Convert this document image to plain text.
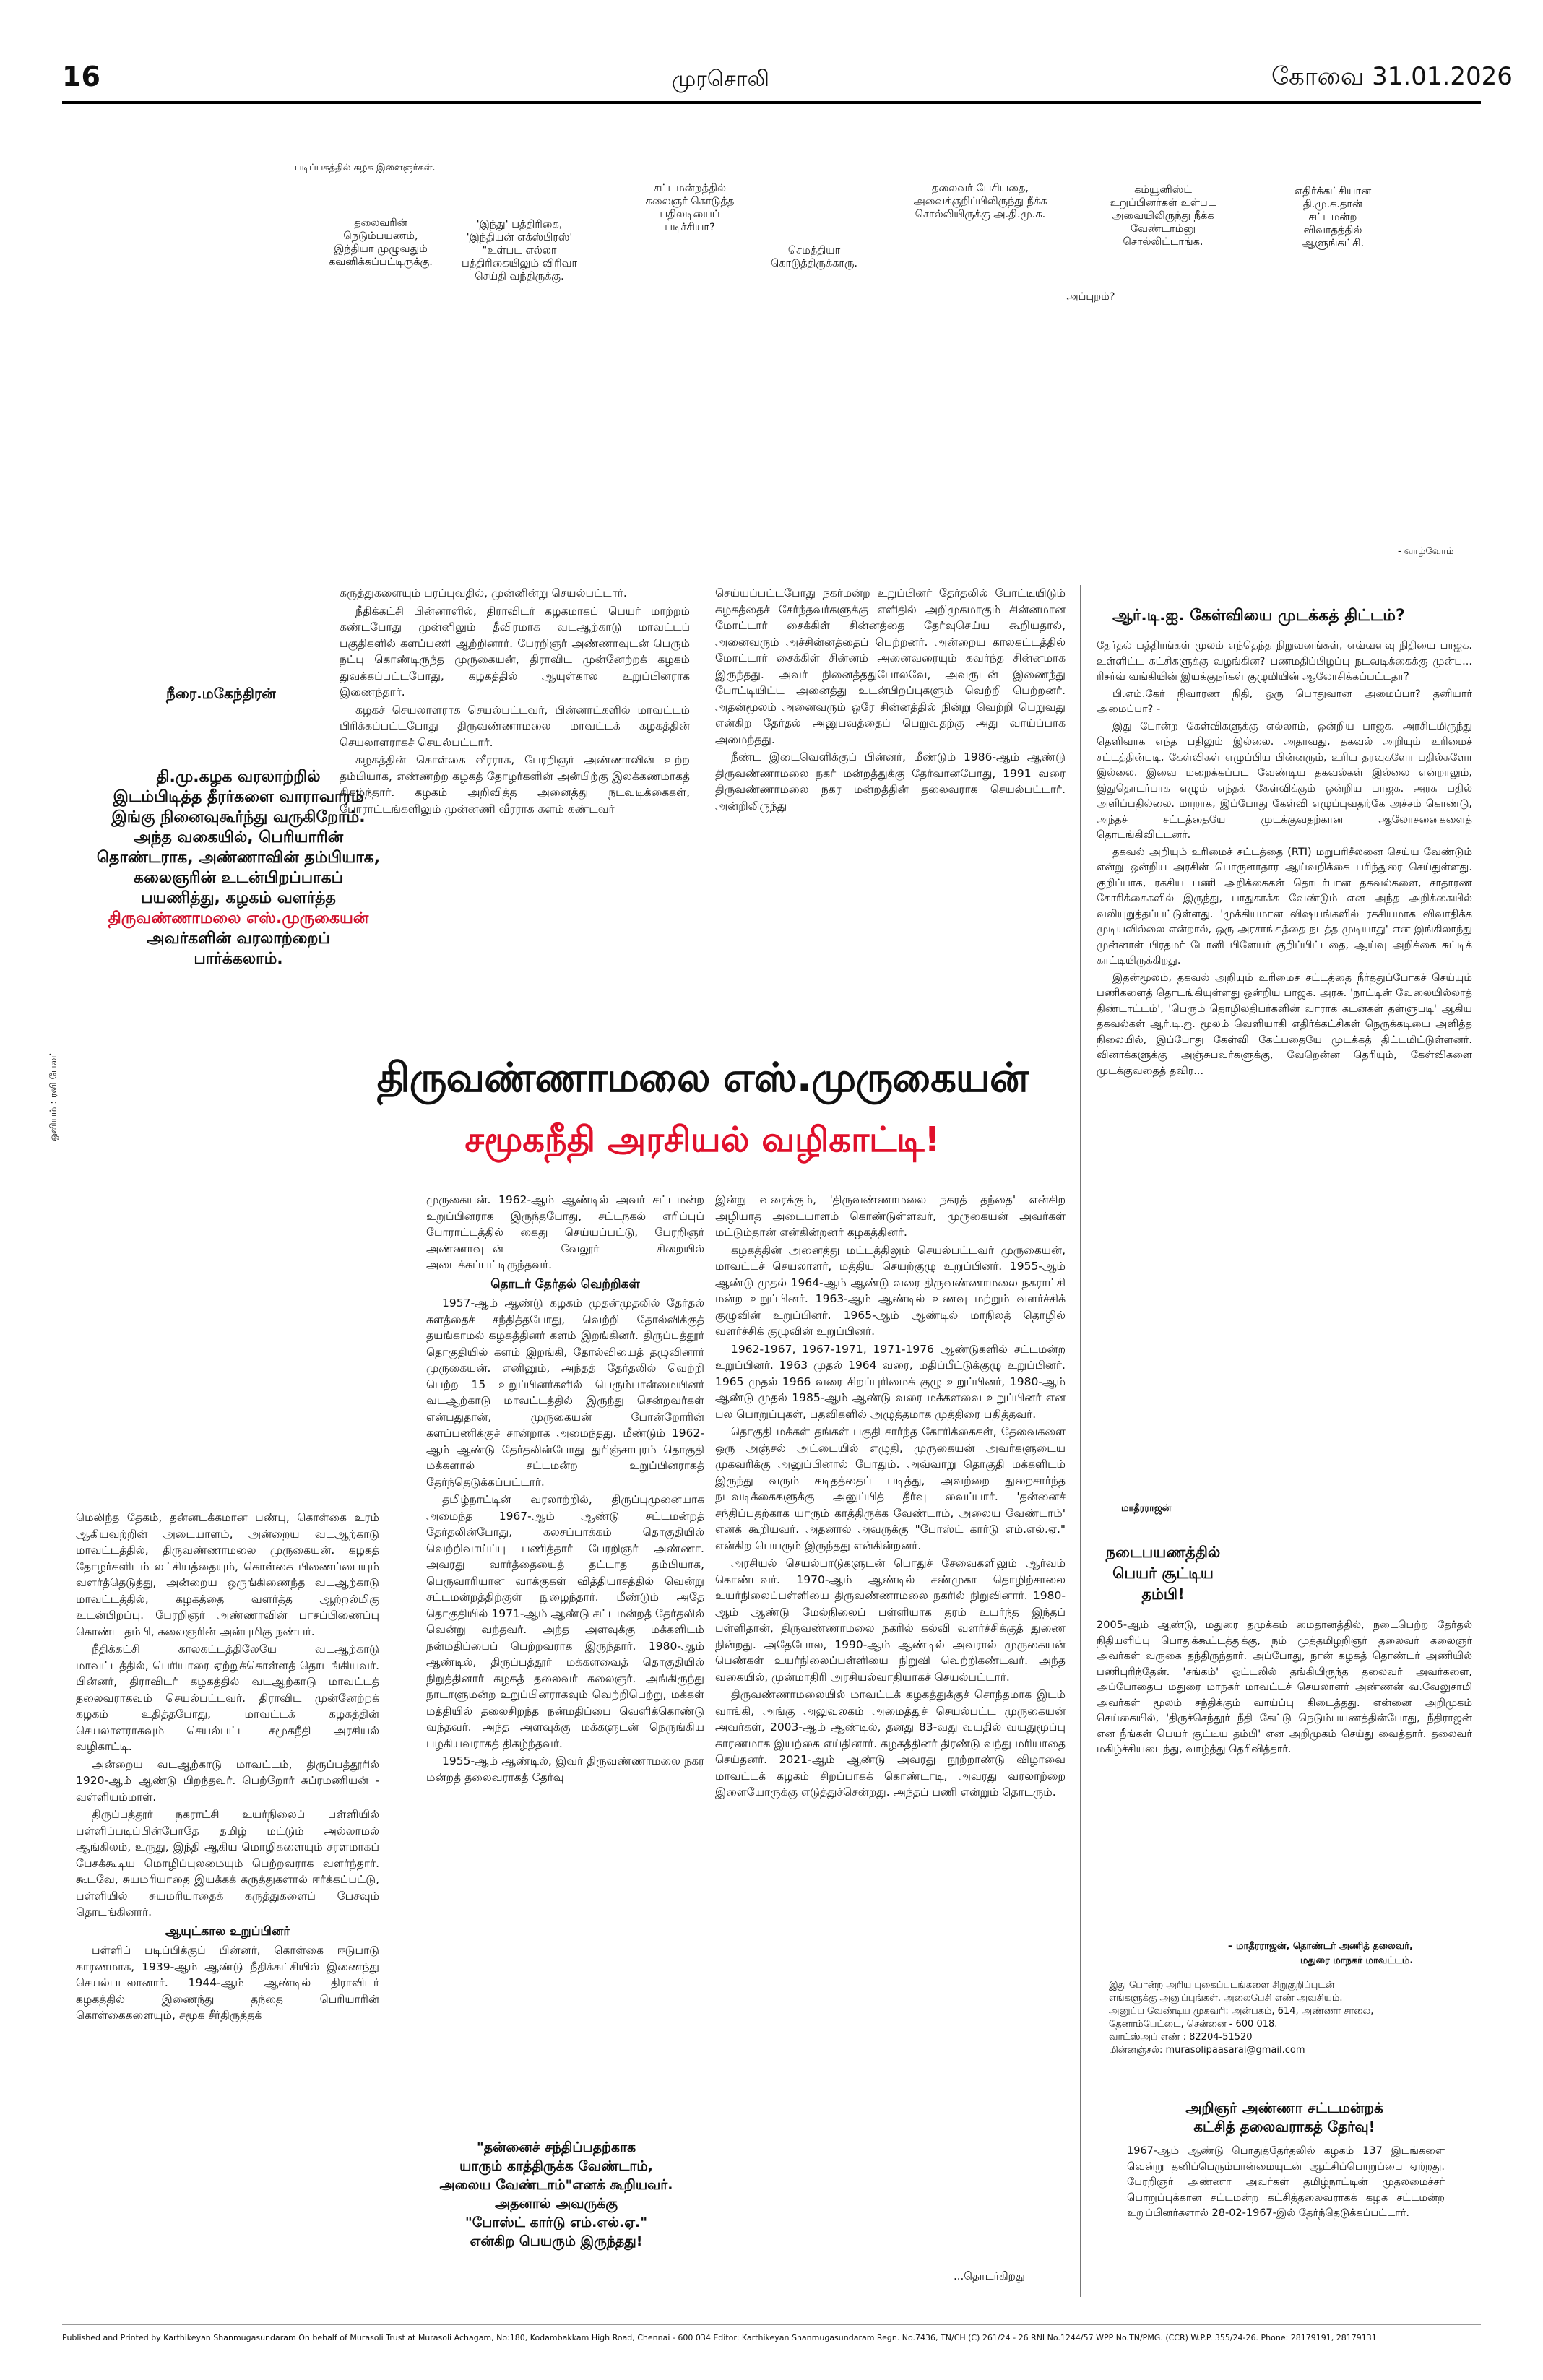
16	முரசொலி	கோவை 31.01.2026
படிப்பகத்தில் கழக இளைஞர்கள்.
தலைவரின் நெடும்பயணம், இந்தியா முழுவதும் கவனிக்கப்பட்டிருக்கு.
'இந்து' பத்திரிகை, 'இந்தியன் எக்ஸ்பிரஸ்' "உள்பட எல்லா பத்திரிகையிலும் விரிவா செய்தி வந்திருக்கு.
சட்டமன்றத்தில் கலைஞர் கொடுத்த பதிலடியைப் படிச்சியா?
செமத்தியா கொடுத்திருக்காரு.
தலைவர் பேசியதை, அவைக்குறிப்பிலிருந்து நீக்க சொல்லியிருக்கு அ.தி.மு.க.
அப்புறம்?
கம்யூனிஸ்ட் உறுப்பினர்கள் உள்பட அவையிலிருந்து நீக்க வேண்டாம்னு சொல்லிட்டாங்க.
எதிர்க்கட்சியான தி.மு.க.தான் சட்டமன்ற விவாதத்தில் ஆளுங்கட்சி.
- வாழ்வோம்
நீரை.மகேந்திரன்
தி.மு.கழக வரலாற்றில்
இடம்பிடித்த தீரர்களை வாராவாரம்
இங்கு நினைவுகூர்ந்து வருகிறோம்.
அந்த வகையில், பெரியாரின்
தொண்டராக, அண்ணாவின் தம்பியாக,
கலைஞரின் உடன்பிறப்பாகப்
பயணித்து, கழகம் வளர்த்த
திருவண்ணாமலை எஸ்.முருகையன்
அவர்களின் வரலாற்றைப்
பார்க்கலாம்.
ஓவியம் : ரவி பேலட்

கருத்துகளையும் பரப்புவதில், முன்னின்று செயல்பட்டார்.

நீதிக்கட்சி பின்னாளில், திராவிடர் கழகமாகப் பெயர் மாற்றம் கண்டபோது முன்னிலும் தீவிரமாக வடஆற்காடு மாவட்டப் பகுதிகளில் களப்பணி ஆற்றினார். பேரறிஞர் அண்ணாவுடன் பெரும் நட்பு கொண்டிருந்த முருகையன், திராவிட முன்னேற்றக் கழகம் துவக்கப்பட்டபோது, கழகத்தில் ஆயுள்கால உறுப்பினராக இணைந்தார்.

கழகச் செயலாளராக செயல்பட்டவர், பின்னாட்களில் மாவட்டம் பிரிக்கப்பட்டபோது திருவண்ணாமலை மாவட்டக் கழகத்தின் செயலாளராகச் செயல்பட்டார்.

கழகத்தின் கொள்கை வீரராக, பேரறிஞர் அண்ணாவின் உற்ற தம்பியாக, எண்ணற்ற கழகத் தோழர்களின் அன்பிற்கு இலக்கணமாகத் திகழ்ந்தார். கழகம் அறிவித்த அனைத்து நடவடிக்கைகள், போராட்டங்களிலும் முன்னணி வீரராக களம் கண்டவர்

செய்யப்பட்டபோது நகர்மன்ற உறுப்பினர் தேர்தலில் போட்டியிடும் கழகத்தைச் சேர்ந்தவர்களுக்கு எளிதில் அறிமுகமாகும் சின்னமான மோட்டார் சைக்கிள் சின்னத்தை தேர்வுசெய்ய கூறியதால், அனைவரும் அச்சின்னத்தைப் பெற்றனர். அன்றைய காலகட்டத்தில் மோட்டார் சைக்கிள் சின்னம் அனைவரையும் கவர்ந்த சின்னமாக இருந்தது. அவர் நினைத்ததுபோலவே, அவருடன் இணைந்து போட்டியிட்ட அனைத்து உடன்பிறப்புகளும் வெற்றி பெற்றனர். அதன்மூலம் அனைவரும் ஒரே சின்னத்தில் நின்று வெற்றி பெறுவது என்கிற தேர்தல் அனுபவத்தைப் பெறுவதற்கு அது வாய்ப்பாக அமைந்தது.

நீண்ட இடைவெளிக்குப் பின்னர், மீண்டும் 1986-ஆம் ஆண்டு திருவண்ணாமலை நகர் மன்றத்துக்கு தேர்வானபோது, 1991 வரை திருவண்ணாமலை நகர மன்றத்தின் தலைவராக செயல்பட்டார். அன்றிலிருந்து

திருவண்ணாமலை எஸ்.முருகையன்
சமூகநீதி அரசியல் வழிகாட்டி!

மெலிந்த தேகம், தன்னடக்கமான பண்பு, கொள்கை உரம் ஆகியவற்றின் அடையாளம், அன்றைய வடஆற்காடு மாவட்டத்தில், திருவண்ணாமலை முருகையன். கழகத் தோழர்களிடம் லட்சியத்தையும், கொள்கை பிணைப்பையும் வளர்த்தெடுத்து, அன்றைய ஒருங்கிணைந்த வடஆற்காடு மாவட்டத்தில், கழகத்தை வளர்த்த ஆற்றல்மிகு உடன்பிறப்பு. பேரறிஞர் அண்ணாவின் பாசப்பிணைப்பு கொண்ட தம்பி, கலைஞரின் அன்புமிகு நண்பர்.

நீதிக்கட்சி காலகட்டத்திலேயே வடஆற்காடு மாவட்டத்தில், பெரியாரை ஏற்றுக்கொள்ளத் தொடங்கியவர். பின்னர், திராவிடர் கழகத்தில் வடஆற்காடு மாவட்டத் தலைவராகவும் செயல்பட்டவர். திராவிட முன்னேற்றக் கழகம் உதித்தபோது, மாவட்டக் கழகத்தின் செயலாளராகவும் செயல்பட்ட சமூகநீதி அரசியல் வழிகாட்டி.

அன்றைய வடஆற்காடு மாவட்டம், திருப்பத்தூரில் 1920-ஆம் ஆண்டு பிறந்தவர். பெற்றோர் சுப்ரமணியன் - வள்ளியம்மாள்.

திருப்பத்தூர் நகராட்சி உயர்நிலைப் பள்ளியில் பள்ளிப்படிப்பின்போதே தமிழ் மட்டும் அல்லாமல் ஆங்கிலம், உருது, இந்தி ஆகிய மொழிகளையும் சரளமாகப் பேசக்கூடிய மொழிப்புலமையும் பெற்றவராக வளர்ந்தார். கூடவே, சுயமரியாதை இயக்கக் கருத்துகளால் ஈர்க்கப்பட்டு, பள்ளியில் சுயமரியாதைக் கருத்துகளைப் பேசவும் தொடங்கினார்.

ஆயுட்கால உறுப்பினர்

பள்ளிப் படிப்பிக்குப் பின்னர், கொள்கை ஈடுபாடு காரணமாக, 1939-ஆம் ஆண்டு நீதிக்கட்சியில் இணைந்து செயல்படலானார். 1944-ஆம் ஆண்டில் திராவிடர் கழகத்தில் இணைந்து தந்தை பெரியாரின் கொள்கைகளையும், சமூக சீர்திருத்தக்

முருகையன். 1962-ஆம் ஆண்டில் அவர் சட்டமன்ற உறுப்பினராக இருந்தபோது, சட்டநகல் எரிப்புப் போராட்டத்தில் கைது செய்யப்பட்டு, பேரறிஞர் அண்ணாவுடன் வேலூர் சிறையில் அடைக்கப்பட்டிருந்தவர்.

தொடர் தேர்தல் வெற்றிகள்

1957-ஆம் ஆண்டு கழகம் முதன்முதலில் தேர்தல் களத்தைச் சந்தித்தபோது, வெற்றி தோல்விக்குத் தயங்காமல் கழகத்தினர் களம் இறங்கினர். திருப்பத்தூர் தொகுதியில் களம் இறங்கி, தோல்வியைத் தழுவினார் முருகையன். எனினும், அந்தத் தேர்தலில் வெற்றி பெற்ற 15 உறுப்பினர்களில் பெரும்பான்மையினர் வடஆற்காடு மாவட்டத்தில் இருந்து சென்றவர்கள் என்பதுதான், முருகையன் போன்றோரின் களப்பணிக்குச் சான்றாக அமைந்தது. மீண்டும் 1962-ஆம் ஆண்டு தேர்தலின்போது துரிஞ்சாபுரம் தொகுதி மக்களால் சட்டமன்ற உறுப்பினராகத் தேர்ந்தெடுக்கப்பட்டார்.

தமிழ்நாட்டின் வரலாற்றில், திருப்புமுனையாக அமைந்த 1967-ஆம் ஆண்டு சட்டமன்றத் தேர்தலின்போது, கலசப்பாக்கம் தொகுதியில் வெற்றிவாய்ப்பு பணித்தார் பேரறிஞர் அண்ணா. அவரது வார்த்தையைத் தட்டாத தம்பியாக, பெருவாரியான வாக்குகள் வித்தியாசத்தில் வென்று சட்டமன்றத்திற்குள் நுழைந்தார். மீண்டும் அதே தொகுதியில் 1971-ஆம் ஆண்டு சட்டமன்றத் தேர்தலில் வென்று வந்தவர். அந்த அளவுக்கு மக்களிடம் நன்மதிப்பைப் பெற்றவராக இருந்தார். 1980-ஆம் ஆண்டில், திருப்பத்தூர் மக்களவைத் தொகுதியில் நிறுத்தினார் கழகத் தலைவர் கலைஞர். அங்கிருந்து நாடாளுமன்ற உறுப்பினராகவும் வெற்றிபெற்று, மக்கள் மத்தியில் தலைசிறந்த நன்மதிப்பை வெளிக்கொண்டு வந்தவர். அந்த அளவுக்கு மக்களுடன் நெருங்கிய பழகியவராகத் திகழ்ந்தவர்.

1955-ஆம் ஆண்டில், இவர் திருவண்ணாமலை நகர மன்றத் தலைவராகத் தேர்வு

இன்று வரைக்கும், 'திருவண்ணாமலை நகரத் தந்தை' என்கிற அழியாத அடையாளம் கொண்டுள்ளவர், முருகையன் அவர்கள் மட்டும்தான் என்கின்றனர் கழகத்தினர்.

கழகத்தின் அனைத்து மட்டத்திலும் செயல்பட்டவர் முருகையன், மாவட்டச் செயலாளர், மத்திய செயற்குழு உறுப்பினர். 1955-ஆம் ஆண்டு முதல் 1964-ஆம் ஆண்டு வரை திருவண்ணாமலை நகராட்சி மன்ற உறுப்பினர். 1963-ஆம் ஆண்டில் உணவு மற்றும் வளர்ச்சிக் குழுவின் உறுப்பினர். 1965-ஆம் ஆண்டில் மாநிலத் தொழில் வளர்ச்சிக் குழுவின் உறுப்பினர்.

1962-1967, 1967-1971, 1971-1976 ஆண்டுகளில் சட்டமன்ற உறுப்பினர். 1963 முதல் 1964 வரை, மதிப்பீட்டுக்குழு உறுப்பினர். 1965 முதல் 1966 வரை சிறப்புரிமைக் குழு உறுப்பினர், 1980-ஆம் ஆண்டு முதல் 1985-ஆம் ஆண்டு வரை மக்களவை உறுப்பினர் என பல பொறுப்புகள், பதவிகளில் அழுத்தமாக முத்திரை பதித்தவர்.

தொகுதி மக்கள் தங்கள் பகுதி சார்ந்த கோரிக்கைகள், தேவைகளை ஒரு அஞ்சல் அட்டையில் எழுதி, முருகையன் அவர்களுடைய முகவரிக்கு அனுப்பினால் போதும். அவ்வாறு தொகுதி மக்களிடம் இருந்து வரும் கடிதத்தைப் படித்து, அவற்றை துறைசார்ந்த நடவடிக்கைகளுக்கு அனுப்பித் தீர்வு வைப்பார். 'தன்னைச் சந்திப்பதற்காக யாரும் காத்திருக்க வேண்டாம், அலைய வேண்டாம்' எனக் கூறியவர். அதனால் அவருக்கு "போஸ்ட் கார்டு எம்.எல்.ஏ." என்கிற பெயரும் இருந்தது என்கின்றனர்.

அரசியல் செயல்பாடுகளுடன் பொதுச் சேவைகளிலும் ஆர்வம் கொண்டவர். 1970-ஆம் ஆண்டில் சண்முகா தொழிற்சாலை உயர்நிலைப்பள்ளியை திருவண்ணாமலை நகரில் நிறுவினார். 1980-ஆம் ஆண்டு மேல்நிலைப் பள்ளியாக தரம் உயர்ந்த இந்தப் பள்ளிதான், திருவண்ணாமலை நகரில் கல்வி வளர்ச்சிக்குத் துணை நின்றது. அதேபோல, 1990-ஆம் ஆண்டில் அவரால் முருகையன் பெண்கள் உயர்நிலைப்பள்ளியை நிறுவி வெற்றிகண்டவர். அந்த வகையில், முன்மாதிரி அரசியல்வாதியாகச் செயல்பட்டார்.

திருவண்ணாமலையில் மாவட்டக் கழகத்துக்குச் சொந்தமாக இடம் வாங்கி, அங்கு அலுவலகம் அமைத்துச் செயல்பட்ட முருகையன் அவர்கள், 2003-ஆம் ஆண்டில், தனது 83-வது வயதில் வயதுமூப்பு காரணமாக இயற்கை எய்தினார். கழகத்தினர் திரண்டு வந்து மரியாதை செய்தனர். 2021-ஆம் ஆண்டு அவரது நூற்றாண்டு விழாவை மாவட்டக் கழகம் சிறப்பாகக் கொண்டாடி, அவரது வரலாற்றை இளையோருக்கு எடுத்துச்சென்றது. அந்தப் பணி என்றும் தொடரும்.

...தொடர்கிறது
"தன்னைச் சந்திப்பதற்காக
யாரும் காத்திருக்க வேண்டாம்,
அலைய வேண்டாம்"எனக் கூறியவர்.
அதனால் அவருக்கு
"போஸ்ட் கார்டு எம்.எல்.ஏ."
என்கிற பெயரும் இருந்தது!
ஆர்.டி.ஐ. கேள்வியை முடக்கத் திட்டம்?

தேர்தல் பத்திரங்கள் மூலம் எந்தெந்த நிறுவனங்கள், எவ்வளவு நிதியை பாஜக. உள்ளிட்ட கட்சிகளுக்கு வழங்கின? பணமதிப்பிழப்பு நடவடிக்கைக்கு முன்பு... ரிசர்வ் வங்கியின் இயக்குநர்கள் குழுமியின் ஆலோசிக்கப்பட்டதா?

பி.எம்.கேர் நிவாரண நிதி, ஒரு பொதுவான அமைப்பா? தனியார் அமைப்பா? -

இது போன்ற கேள்விகளுக்கு எல்லாம், ஒன்றிய பாஜக. அரசிடமிருந்து தெளிவாக எந்த பதிலும் இல்லை. அதாவது, தகவல் அறியும் உரிமைச் சட்டத்தின்படி, கேள்விகள் எழுப்பிய பின்னரும், உரிய தரவுகளோ பதில்களோ இல்லை. இவை மறைக்கப்பட வேண்டிய தகவல்கள் இல்லை என்றாலும், இதுதொடர்பாக எழும் எந்தக் கேள்விக்கும் ஒன்றிய பாஜக. அரசு பதில் அளிப்பதில்லை. மாறாக, இப்போது கேள்வி எழுப்புவதற்கே அச்சம் கொண்டு, அந்தச் சட்டத்தையே முடக்குவதற்கான ஆலோசனைகளைத் தொடங்கிவிட்டனர்.

தகவல் அறியும் உரிமைச் சட்டத்தை (RTI) மறுபரிசீலனை செய்ய வேண்டும் என்று ஒன்றிய அரசின் பொருளாதார ஆய்வறிக்கை பரிந்துரை செய்துள்ளது. குறிப்பாக, ரகசிய பணி அறிக்கைகள் தொடர்பான தகவல்களை, சாதாரண கோரிக்கைகளில் இருந்து, பாதுகாக்க வேண்டும் என அந்த அறிக்கையில் வலியுறுத்தப்பட்டுள்ளது. 'முக்கியமான விஷயங்களில் ரகசியமாக விவாதிக்க முடியவில்லை என்றால், ஒரு அரசாங்கத்தை நடத்த முடியாது' என இங்கிலாந்து முன்னாள் பிரதமர் டோனி பிளேயர் குறிப்பிட்டதை, ஆய்வு அறிக்கை சுட்டிக் காட்டியிருக்கிறது.

இதன்மூலம், தகவல் அறியும் உரிமைச் சட்டத்தை நீர்த்துப்போகச் செய்யும் பணிகளைத் தொடங்கியுள்ளது ஒன்றிய பாஜக. அரசு. 'நாட்டின் வேலையில்லாத் திண்டாட்டம்', 'பெரும் தொழிலதிபர்களின் வாராக் கடன்கள் தள்ளுபடி' ஆகிய தகவல்கள் ஆர்.டி.ஐ. மூலம் வெளியாகி எதிர்க்கட்சிகள் நெருக்கடியை அளித்த நிலையில், இப்போது கேள்வி கேட்பதையே முடக்கத் திட்டமிட்டுள்ளனர். வினாக்களுக்கு அஞ்சுபவர்களுக்கு, வேறென்ன தெரியும், கேள்விகளை முடக்குவதைத் தவிர...

மாதீரராஜன்
நடைபயணத்தில்
பெயர் சூட்டிய
தம்பி!

2005-ஆம் ஆண்டு, மதுரை தமுக்கம் மைதானத்தில், நடைபெற்ற தேர்தல் நிதியளிப்பு பொதுக்கூட்டத்துக்கு, நம் முத்தமிழறிஞர் தலைவர் கலைஞர் அவர்கள் வருகை தந்திருந்தார். அப்போது, நான் கழகத் தொண்டர் அணியில் பணிபுரிந்தேன். 'சங்கம்' ஓட்டலில் தங்கியிருந்த தலைவர் அவர்களை, அப்போதைய மதுரை மாநகர் மாவட்டச் செயலாளர் அண்ணன் வ.வேலுசாமி அவர்கள் மூலம் சந்திக்கும் வாய்ப்பு கிடைத்தது. என்னை அறிமுகம் செய்கையில், 'திருச்செந்தூர் நீதி கேட்டு நெடும்பயணத்தின்போது, நீதிராஜன் என நீங்கள் பெயர் சூட்டிய தம்பி' என அறிமுகம் செய்து வைத்தார். தலைவர் மகிழ்ச்சியடைந்து, வாழ்த்து தெரிவித்தார்.

– மாதீரராஜன், தொண்டர் அணித் தலைவர்,
மதுரை மாநகர் மாவட்டம்.
இது போன்ற அரிய புகைப்படங்களை சிறுகுறிப்புடன்
எங்களுக்கு அனுப்புங்கள். அலைபேசி எண் அவசியம்.
அனுப்ப வேண்டிய முகவரி: அன்பகம், 614, அண்ணா சாலை,
தேனாம்பேட்டை, சென்னை - 600 018.
வாட்ஸ்அப் எண் : 82204-51520
மின்னஞ்சல்: murasolipaasarai@gmail.com
அறிஞர் அண்ணா சட்டமன்றக்
கட்சித் தலைவராகத் தேர்வு!
1967-ஆம் ஆண்டு பொதுத்தேர்தலில் கழகம் 137 இடங்களை வென்று தனிப்பெரும்பான்மையுடன் ஆட்சிப்பொறுப்பை ஏற்றது. பேரறிஞர் அண்ணா அவர்கள் தமிழ்நாட்டின் முதலமைச்சர் பொறுப்புக்கான சட்டமன்ற கட்சித்தலைவராகக் கழக சட்டமன்ற உறுப்பினர்களால் 28-02-1967-இல் தேர்ந்தெடுக்கப்பட்டார்.
Published and Printed by Karthikeyan Shanmugasundaram On behalf of Murasoli Trust at Murasoli Achagam, No:180, Kodambakkam High Road, Chennai - 600 034 Editor: Karthikeyan Shanmugasundaram Regn. No.7436, TN/CH (C) 261/24 - 26 RNI No.1244/57 WPP No.TN/PMG. (CCR) W.P.P. 355/24-26. Phone: 28179191, 28179131
